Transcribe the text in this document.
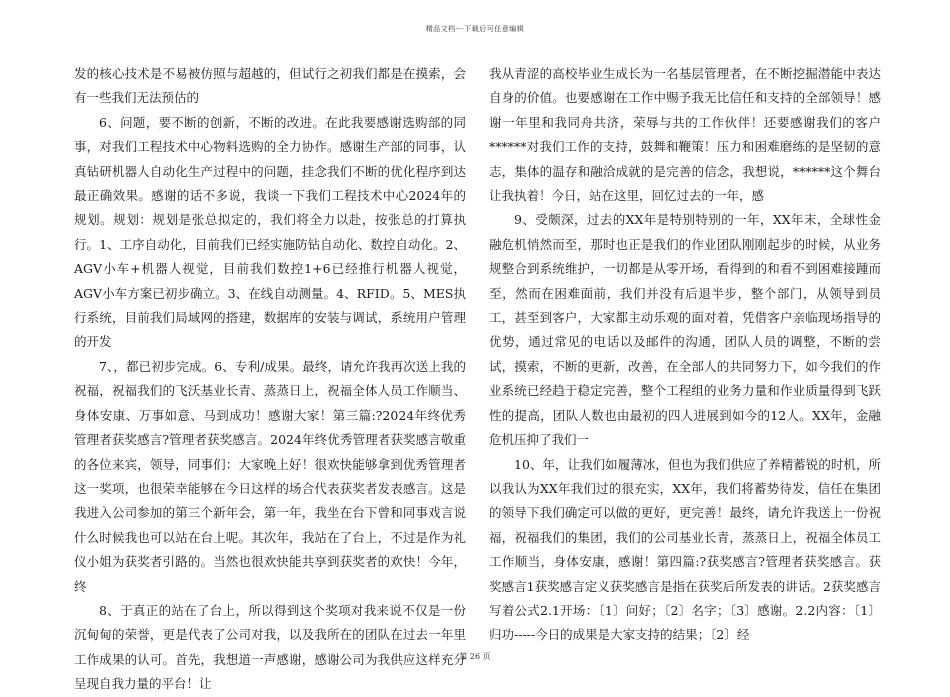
精品文档---下载后可任意编辑

发的核心技术是不易被仿照与超越的，但试行之初我们都是在摸索，会有一些我们无法预估的

6、问题，要不断的创新，不断的改进。在此我要感谢选购部的同事，对我们工程技术中心物料选购的全力协作。感谢生产部的同事，认真钻研机器人自动化生产过程中的问题，挂念我们不断的优化程序到达最正确效果。感谢的话不多说，我谈一下我们工程技术中心2024年的规划。规划：规划是张总拟定的，我们将全力以赴，按张总的打算执行。1、工序自动化，目前我们已经实施防钻自动化、数控自动化。2、AGV小车+机器人视觉，目前我们数控1+6已经推行机器人视觉，AGV小车方案已初步确立。3、在线自动测量。4、RFID。5、MES执行系统，目前我们局域网的搭建，数据库的安装与调试，系统用户管理的开发

7、，都已初步完成。6、专利/成果。最终，请允许我再次送上我的祝福，祝福我们的飞沃基业长青、蒸蒸日上，祝福全体人员工作顺当、身体安康、万事如意、马到成功！感谢大家！第三篇:?2024年终优秀管理者获奖感言?管理者获奖感言。2024年终优秀管理者获奖感言敬重的各位来宾，领导，同事们：大家晚上好！很欢快能够拿到优秀管理者这一奖项，也很荣幸能够在今日这样的场合代表获奖者发表感言。这是我进入公司参加的第三个新年会，第一年，我坐在台下曾和同事戏言说什么时候我也可以站在台上呢。其次年，我站在了台上，不过是作为礼仪小姐为获奖者引路的。当然也很欢快能共享到获奖者的欢快！今年，终

8、于真正的站在了台上，所以得到这个奖项对我来说不仅是一份沉甸甸的荣誉，更是代表了公司对我，以及我所在的团队在过去一年里工作成果的认可。首先，我想道一声感谢，感谢公司为我供应这样充分呈现自我力量的平台！让

我从青涩的高校毕业生成长为一名基层管理者，在不断挖掘潜能中表达自身的价值。也要感谢在工作中赐予我无比信任和支持的全部领导！感谢一年里和我同舟共济，荣辱与共的工作伙伴！还要感谢我们的客户******对我们工作的支持，鼓舞和鞭策！压力和困难磨练的是坚韧的意志，集体的温存和融洽成就的是完善的信念，我想说，******这个舞台让我执着！今日，站在这里，回忆过去的一年，感

9、受颇深，过去的XX年是特别特别的一年，XX年末，全球性金融危机悄然而至，那时也正是我们的作业团队刚刚起步的时候，从业务规整合到系统维护，一切都是从零开场，看得到的和看不到困难接踵而至，然而在困难面前，我们并没有后退半步，整个部门，从领导到员工，甚至到客户，大家都主动乐观的面对着，凭借客户亲临现场指导的优势，通过常见的电话以及邮件的沟通，团队人员的调整，不断的尝试，摸索，不断的更新，改善，在全部人的共同努力下，如今我们的作业系统已经趋于稳定完善，整个工程组的业务力量和作业质量得到飞跃性的提高，团队人数也由最初的四人进展到如今的12人。XX年，金融危机压抑了我们一

10、年，让我们如履薄冰，但也为我们供应了养精蓄锐的时机，所以我认为XX年我们过的很充实，XX年，我们将蓄势待发，信任在集团的领导下我们确定可以做的更好，更完善！最终，请允许我送上一份祝福，祝福我们的集团，我们的公司基业长青，蒸蒸日上，祝福全体员工工作顺当，身体安康，感谢！第四篇:?获奖感言?管理者获奖感言。获奖感言1获奖感言定义获奖感言是指在获奖后所发表的讲话。2获奖感言写着公式2.1开场：〔1〕问好；〔2〕名字；〔3〕感谢。2.2内容：〔1〕归功-----今日的成果是大家支持的结果；〔2〕经

第 26 页
